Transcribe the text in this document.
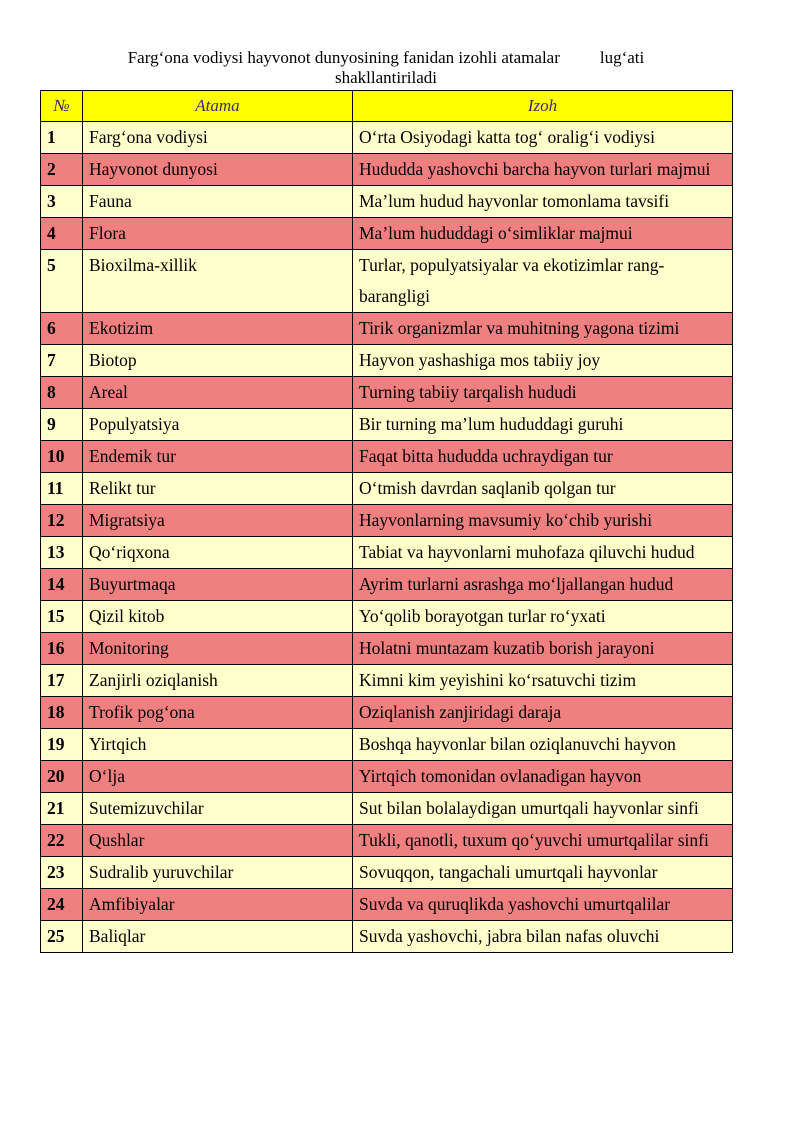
Farg‘ona vodiysi hayvonot dunyosining fanidan izohli atamalar lug‘ati
shakllantiriladi
№	Atama	Izoh
1	Farg‘ona vodiysi	O‘rta Osiyodagi katta tog‘ oralig‘i vodiysi
2	Hayvonot dunyosi	Hududda yashovchi barcha hayvon turlari majmui
3	Fauna	Ma’lum hudud hayvonlar tomonlama tavsifi
4	Flora	Ma’lum hududdagi o‘simliklar majmui
5	Bioxilma-xillik	Turlar, populyatsiyalar va ekotizimlar rang-barangligi
6	Ekotizim	Tirik organizmlar va muhitning yagona tizimi
7	Biotop	Hayvon yashashiga mos tabiiy joy
8	Areal	Turning tabiiy tarqalish hududi
9	Populyatsiya	Bir turning ma’lum hududdagi guruhi
10	Endemik tur	Faqat bitta hududda uchraydigan tur
11	Relikt tur	O‘tmish davrdan saqlanib qolgan tur
12	Migratsiya	Hayvonlarning mavsumiy ko‘chib yurishi
13	Qo‘riqxona	Tabiat va hayvonlarni muhofaza qiluvchi hudud
14	Buyurtmaqa	Ayrim turlarni asrashga mo‘ljallangan hudud
15	Qizil kitob	Yo‘qolib borayotgan turlar ro‘yxati
16	Monitoring	Holatni muntazam kuzatib borish jarayoni
17	Zanjirli oziqlanish	Kimni kim yeyishini ko‘rsatuvchi tizim
18	Trofik pog‘ona	Oziqlanish zanjiridagi daraja
19	Yirtqich	Boshqa hayvonlar bilan oziqlanuvchi hayvon
20	O‘lja	Yirtqich tomonidan ovlanadigan hayvon
21	Sutemizuvchilar	Sut bilan bolalaydigan umurtqali hayvonlar sinfi
22	Qushlar	Tukli, qanotli, tuxum qo‘yuvchi umurtqalilar sinfi
23	Sudralib yuruvchilar	Sovuqqon, tangachali umurtqali hayvonlar
24	Amfibiyalar	Suvda va quruqlikda yashovchi umurtqalilar
25	Baliqlar	Suvda yashovchi, jabra bilan nafas oluvchi
